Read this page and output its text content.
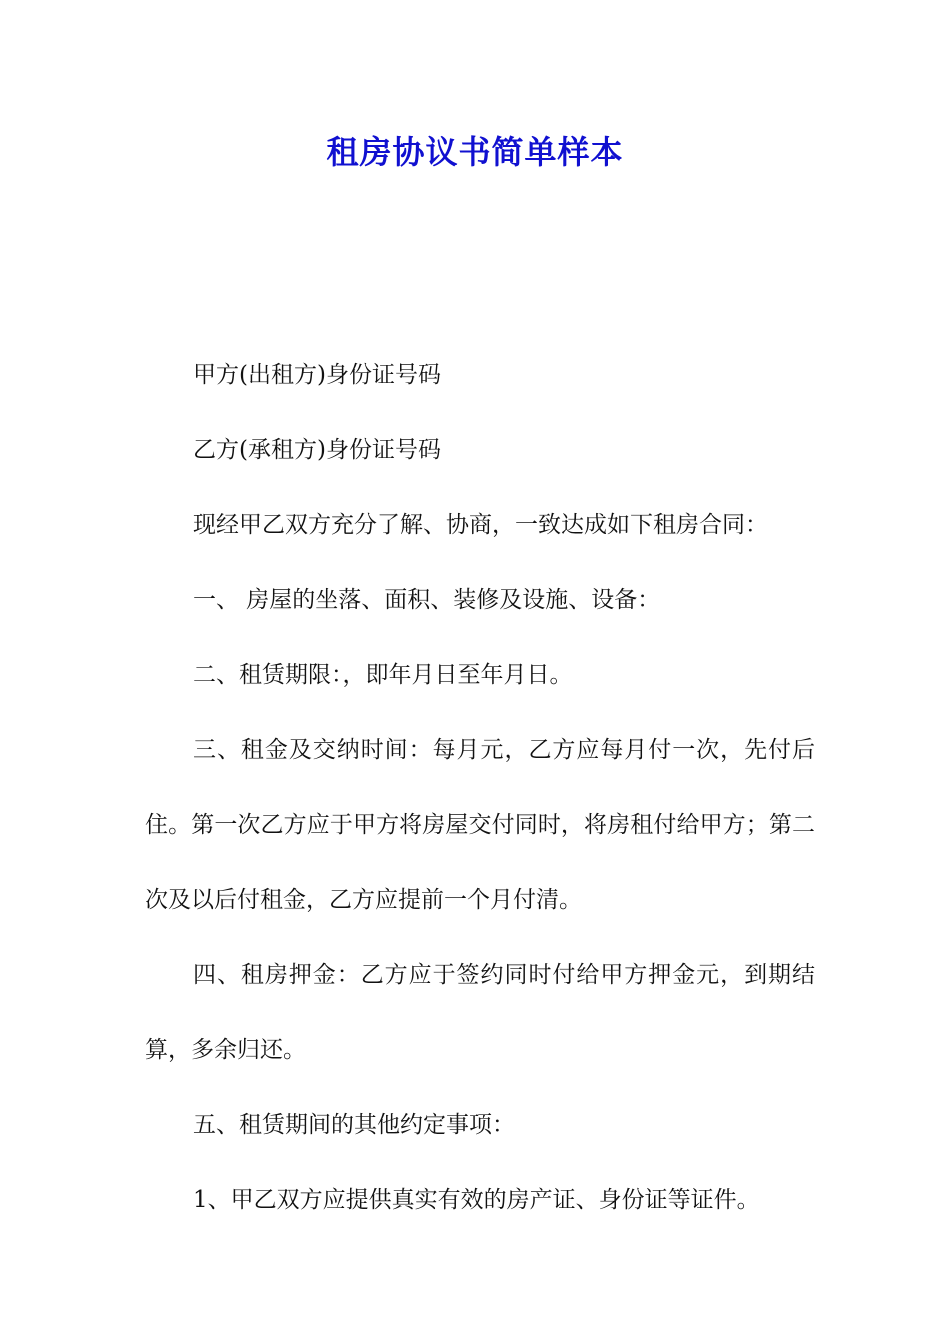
租房协议书简单样本

甲方(出租方)身份证号码

乙方(承租方)身份证号码

现经甲乙双方充分了解、协商，一致达成如下租房合同：

一、 房屋的坐落、面积、装修及设施、设备：

二、租赁期限：，即年月日至年月日。

三、租金及交纳时间：每月元，乙方应每月付一次，先付后住。第一次乙方应于甲方将房屋交付同时，将房租付给甲方；第二次及以后付租金，乙方应提前一个月付清。

四、租房押金：乙方应于签约同时付给甲方押金元，到期结算，多余归还。

五、租赁期间的其他约定事项：

1、甲乙双方应提供真实有效的房产证、身份证等证件。
